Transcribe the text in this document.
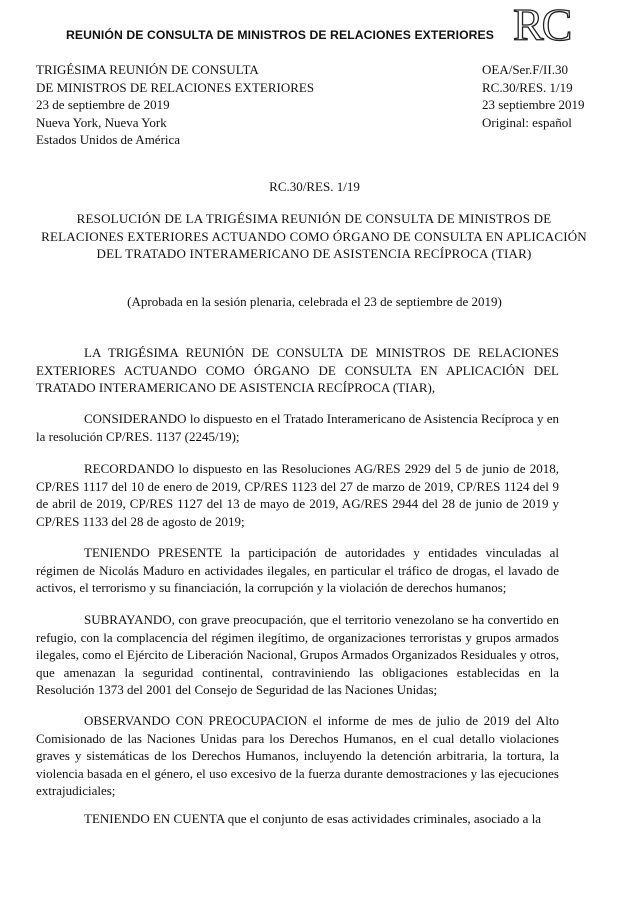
REUNIÓN DE CONSULTA DE MINISTROS DE RELACIONES EXTERIORES RC
TRIGÉSIMA REUNIÓN DE CONSULTA
DE MINISTROS DE RELACIONES EXTERIORES
23 de septiembre de 2019
Nueva York, Nueva York
Estados Unidos de América
OEA/Ser.F/II.30
RC.30/RES. 1/19
23 septiembre 2019
Original: español
RC.30/RES. 1/19
RESOLUCIÓN DE LA TRIGÉSIMA REUNIÓN DE CONSULTA DE MINISTROS DE RELACIONES EXTERIORES ACTUANDO COMO ÓRGANO DE CONSULTA EN APLICACIÓN DEL TRATADO INTERAMERICANO DE ASISTENCIA RECÍPROCA (TIAR)
(Aprobada en la sesión plenaria, celebrada el 23 de septiembre de 2019)
LA TRIGÉSIMA REUNIÓN DE CONSULTA DE MINISTROS DE RELACIONES EXTERIORES ACTUANDO COMO ÓRGANO DE CONSULTA EN APLICACIÓN DEL TRATADO INTERAMERICANO DE ASISTENCIA RECÍPROCA (TIAR),
CONSIDERANDO lo dispuesto en el Tratado Interamericano de Asistencia Recíproca y en la resolución CP/RES. 1137 (2245/19);
RECORDANDO lo dispuesto en las Resoluciones AG/RES 2929 del 5 de junio de 2018, CP/RES 1117 del 10 de enero de 2019, CP/RES 1123 del 27 de marzo de 2019, CP/RES 1124 del 9 de abril de 2019, CP/RES 1127 del 13 de mayo de 2019, AG/RES 2944 del 28 de junio de 2019 y CP/RES 1133 del 28 de agosto de 2019;
TENIENDO PRESENTE la participación de autoridades y entidades vinculadas al régimen de Nicolás Maduro en actividades ilegales, en particular el tráfico de drogas, el lavado de activos, el terrorismo y su financiación, la corrupción y la violación de derechos humanos;
SUBRAYANDO, con grave preocupación, que el territorio venezolano se ha convertido en refugio, con la complacencia del régimen ilegítimo, de organizaciones terroristas y grupos armados ilegales, como el Ejército de Liberación Nacional, Grupos Armados Organizados Residuales y otros, que amenazan la seguridad continental, contraviniendo las obligaciones establecidas en la Resolución 1373 del 2001 del Consejo de Seguridad de las Naciones Unidas;
OBSERVANDO CON PREOCUPACION el informe de mes de julio de 2019 del Alto Comisionado de las Naciones Unidas para los Derechos Humanos, en el cual detallo violaciones graves y sistemáticas de los Derechos Humanos, incluyendo la detención arbitraria, la tortura, la violencia basada en el género, el uso excesivo de la fuerza durante demostraciones y las ejecuciones extrajudiciales;
TENIENDO EN CUENTA que el conjunto de esas actividades criminales, asociado a la
